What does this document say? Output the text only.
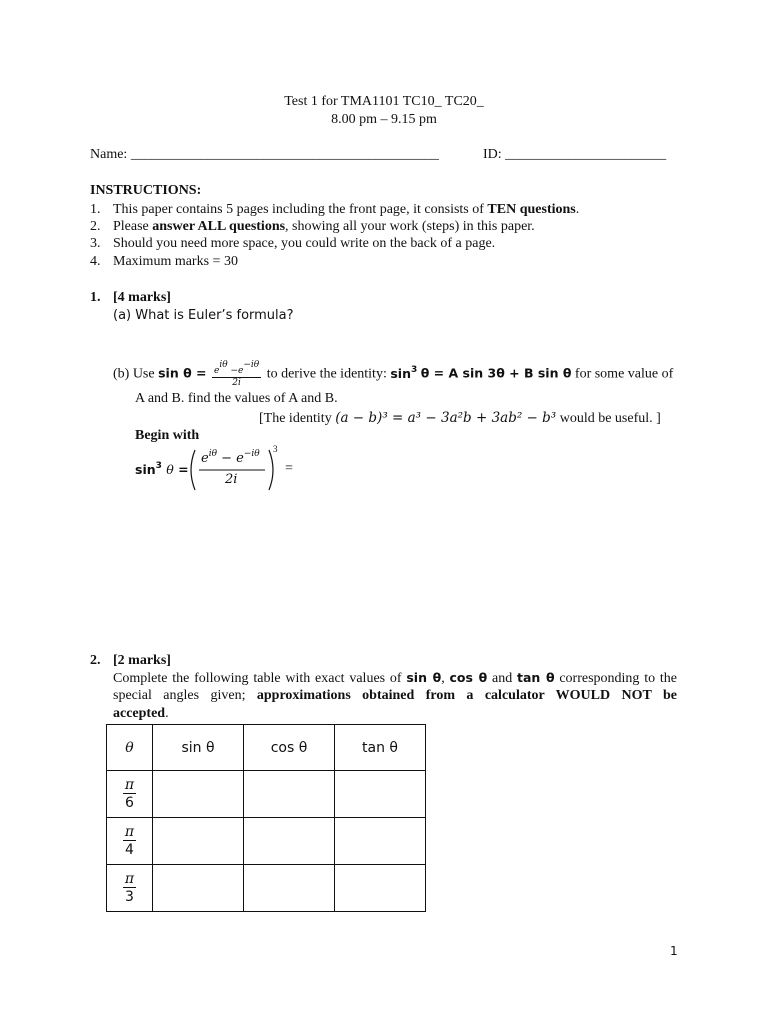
Test 1 for TMA1101 TC10_ TC20_
8.00 pm – 9.15 pm
Name: ____________________________________________	ID: _______________________
INSTRUCTIONS:
1. This paper contains 5 pages including the front page, it consists of TEN questions.
2. Please answer ALL questions, showing all your work (steps) in this paper.
3. Should you need more space, you could write on the back of a page.
4. Maximum marks = 30
1. [4 marks]
(a) What is Euler’s formula?
(b) Use $\sin \theta = \frac{\text{eiθ −e−iθ}}{2i}$ to derive the identity: $\sin^3 \theta = A$ sin 3θ + B sin θ for some value of
A and B. find the values of A and B.
[The identity (a − b)³ = a³ − 3a²b + 3ab² − b³ would be useful. ]
Begin with
$\sin^3 \theta$ =
$e^{i\theta} - e^{-i\theta}$
2i
3
=
2. [2 marks]
Complete the following table with exact values of sin θ, cos θ and tan θ corresponding to the
special angles given; approximations obtained from a calculator WOULD NOT be
accepted.
θ	sin θ	cos θ	tan θ

$\frac{\pi}{6}$

$\frac{\pi}{4}$

$\frac{\pi}{3}$

1
